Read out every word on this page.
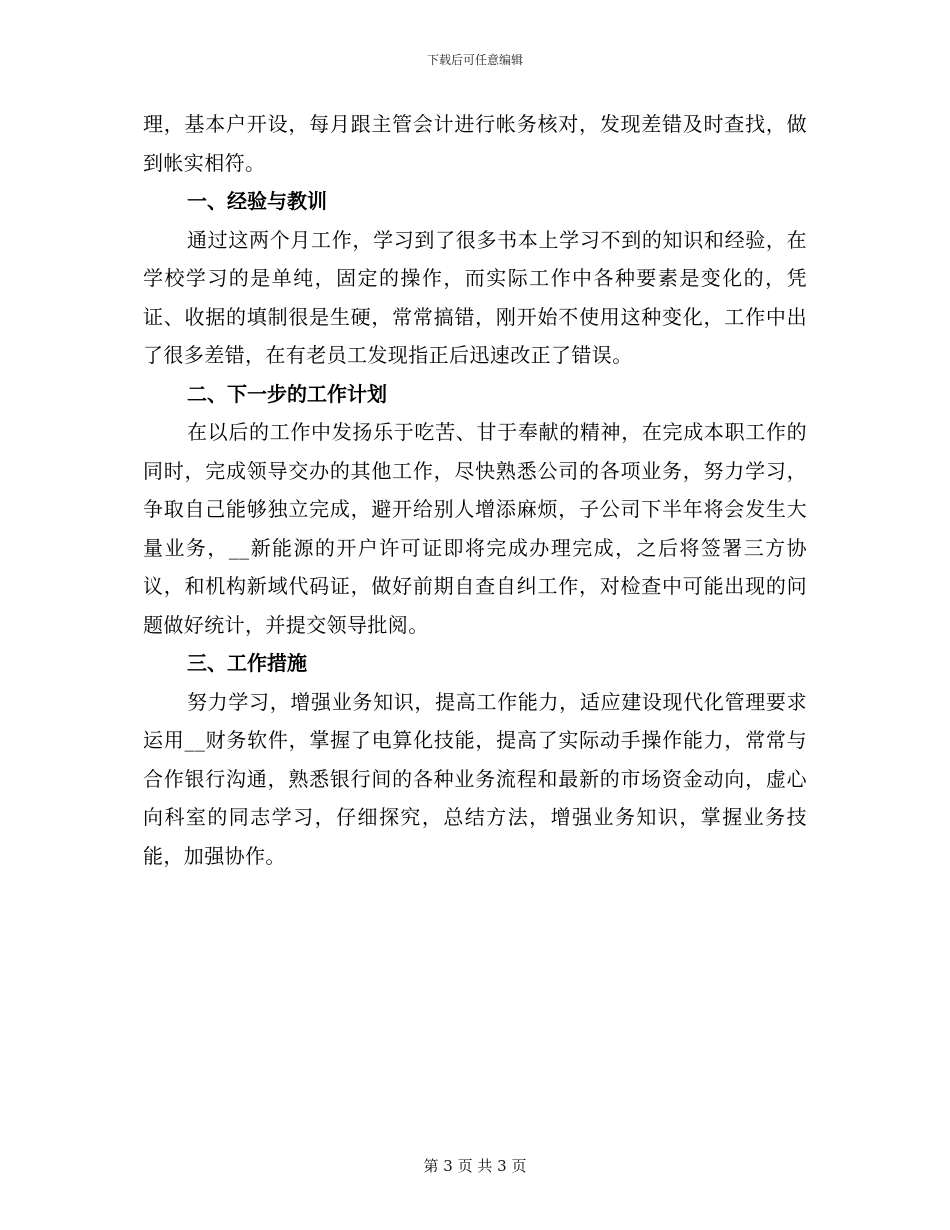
下载后可任意编辑

理，基本户开设，每月跟主管会计进行帐务核对，发现差错及时查找，做到帐实相符。

一、经验与教训

通过这两个月工作，学习到了很多书本上学习不到的知识和经验，在学校学习的是单纯，固定的操作，而实际工作中各种要素是变化的，凭证、收据的填制很是生硬，常常搞错，刚开始不使用这种变化，工作中出了很多差错，在有老员工发现指正后迅速改正了错误。

二、下一步的工作计划

在以后的工作中发扬乐于吃苦、甘于奉献的精神，在完成本职工作的同时，完成领导交办的其他工作，尽快熟悉公司的各项业务，努力学习，争取自己能够独立完成，避开给别人增添麻烦，子公司下半年将会发生大量业务，__新能源的开户许可证即将完成办理完成，之后将签署三方协议，和机构新域代码证，做好前期自查自纠工作，对检查中可能出现的问题做好统计，并提交领导批阅。

三、工作措施

努力学习，增强业务知识，提高工作能力，适应建设现代化管理要求运用__财务软件，掌握了电算化技能，提高了实际动手操作能力，常常与合作银行沟通，熟悉银行间的各种业务流程和最新的市场资金动向，虚心向科室的同志学习，仔细探究，总结方法，增强业务知识，掌握业务技能，加强协作。

第 3 页 共 3 页
